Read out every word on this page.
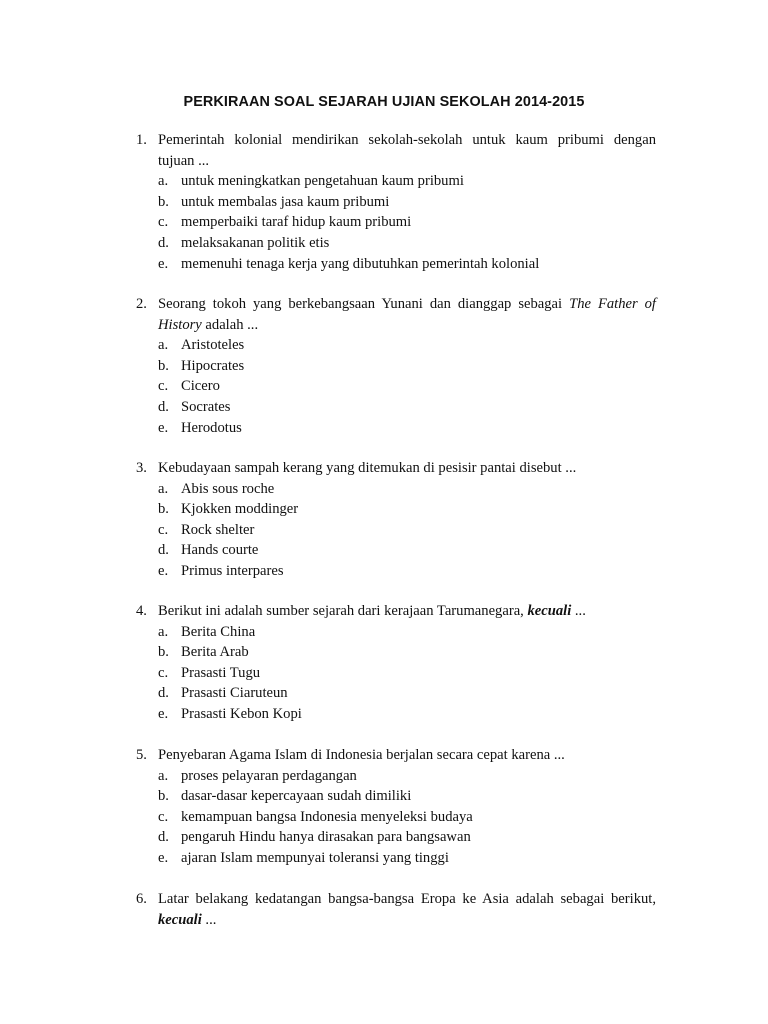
PERKIRAAN SOAL SEJARAH UJIAN SEKOLAH 2014-2015
1. Pemerintah kolonial mendirikan sekolah-sekolah untuk kaum pribumi dengan
tujuan ...
a. untuk meningkatkan pengetahuan kaum pribumi
b. untuk membalas jasa kaum pribumi
c. memperbaiki taraf hidup kaum pribumi
d. melaksakanan politik etis
e. memenuhi tenaga kerja yang dibutuhkan pemerintah kolonial
2. Seorang tokoh yang berkebangsaan Yunani dan dianggap sebagai The Father of
History adalah ...
a. Aristoteles
b. Hipocrates
c. Cicero
d. Socrates
e. Herodotus
3. Kebudayaan sampah kerang yang ditemukan di pesisir pantai disebut ...
a. Abis sous roche
b. Kjokken moddinger
c. Rock shelter
d. Hands courte
e. Primus interpares
4. Berikut ini adalah sumber sejarah dari kerajaan Tarumanegara, kecuali ...
a. Berita China
b. Berita Arab
c. Prasasti Tugu
d. Prasasti Ciaruteun
e. Prasasti Kebon Kopi
5. Penyebaran Agama Islam di Indonesia berjalan secara cepat karena ...
a. proses pelayaran perdagangan
b. dasar-dasar kepercayaan sudah dimiliki
c. kemampuan bangsa Indonesia menyeleksi budaya
d. pengaruh Hindu hanya dirasakan para bangsawan
e. ajaran Islam mempunyai toleransi yang tinggi
6. Latar belakang kedatangan bangsa-bangsa Eropa ke Asia adalah sebagai berikut,
kecuali ...
